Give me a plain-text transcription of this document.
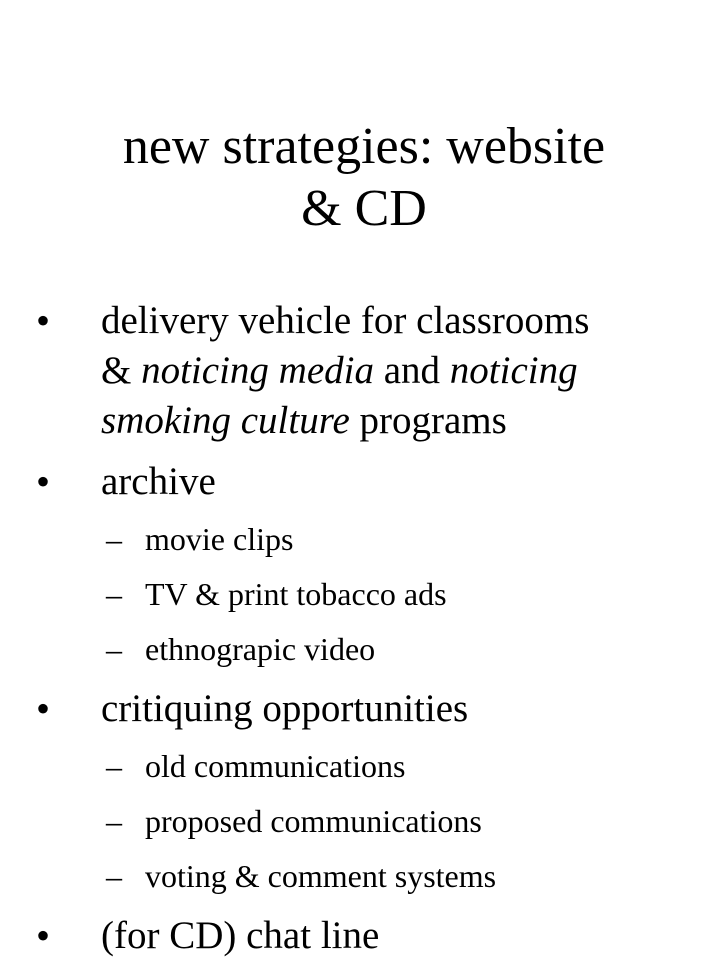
new strategies: website
& CD
•	delivery vehicle for classrooms
& noticing media and noticing
smoking culture programs
•	archive
– movie clips
– TV & print tobacco ads
– ethnograpic video
•	critiquing opportunities
– old communications
– proposed communications
– voting & comment systems
•	(for CD) chat line
